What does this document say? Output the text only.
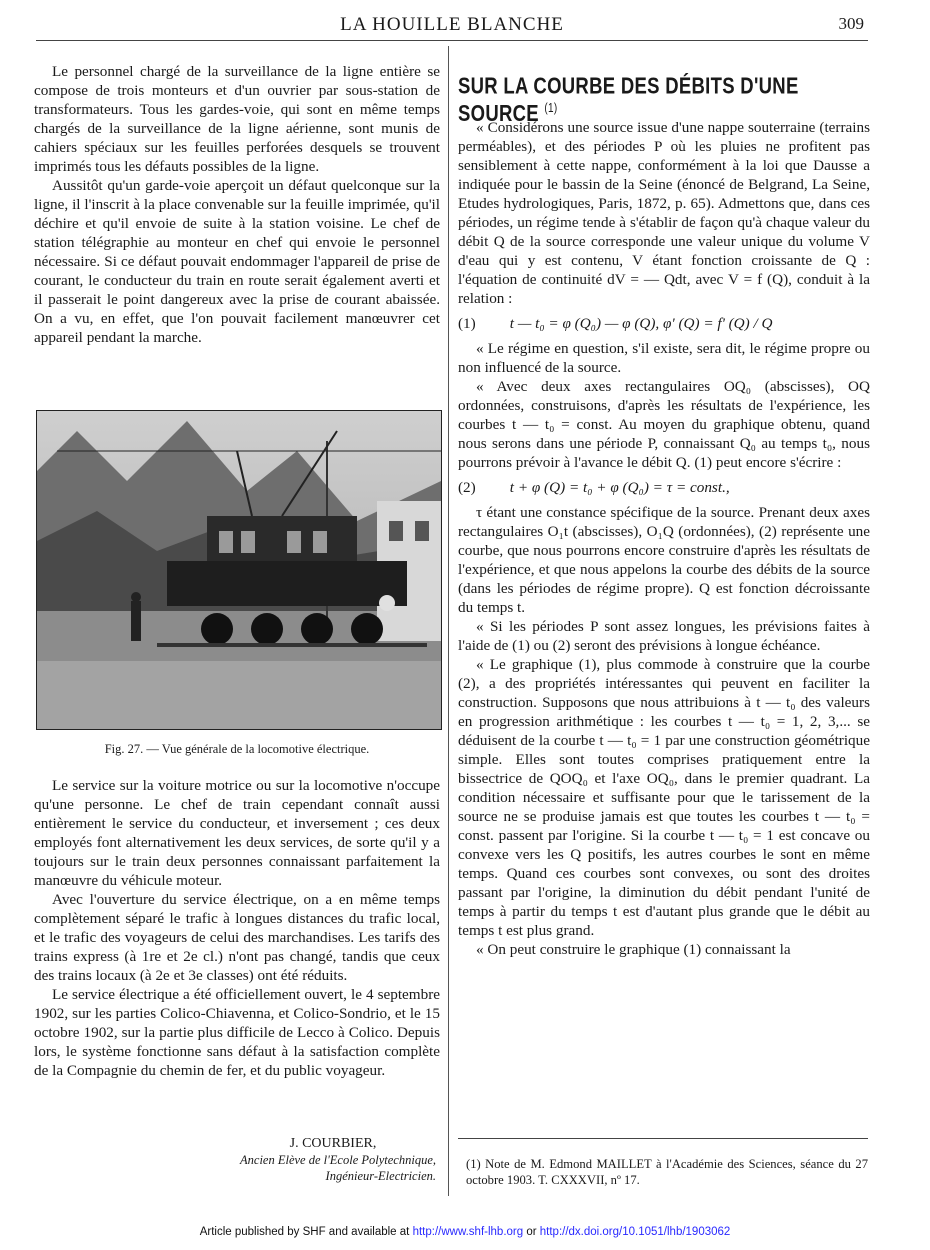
LA HOUILLE BLANCHE	309

Le personnel chargé de la surveillance de la ligne entière se compose de trois monteurs et d'un ouvrier par sous-station de transformateurs. Tous les gardes-voie, qui sont en même temps chargés de la surveillance de la ligne aérienne, sont munis de cahiers spéciaux sur les feuilles perforées desquels se trouvent imprimés tous les défauts possibles de la ligne.

Aussitôt qu'un garde-voie aperçoit un défaut quelconque sur la ligne, il l'inscrit à la place convenable sur la feuille imprimée, qu'il déchire et qu'il envoie de suite à la station voisine. Le chef de station télégraphie au monteur en chef qui envoie le personnel nécessaire. Si ce défaut pouvait endommager l'appareil de prise de courant, le conducteur du train en route serait également averti et il passerait le point dangereux avec la prise de courant abaissée. On a vu, en effet, que l'on pouvait facilement manœuvrer cet appareil pendant la marche.

Fig. 27. — Vue générale de la locomotive électrique.

Le service sur la voiture motrice ou sur la locomotive n'occupe qu'une personne. Le chef de train cependant connaît aussi entièrement le service du conducteur, et inversement ; ces deux employés font alternativement les deux services, de sorte qu'il y a toujours sur le train deux personnes connaissant parfaitement la manœuvre du véhicule moteur.

Avec l'ouverture du service électrique, on a en même temps complètement séparé le trafic à longues distances du trafic local, et le trafic des voyageurs de celui des marchandises. Les tarifs des trains express (à 1re et 2e cl.) n'ont pas changé, tandis que ceux des trains locaux (à 2e et 3e classes) ont été réduits.

Le service électrique a été officiellement ouvert, le 4 septembre 1902, sur les parties Colico-Chiavenna, et Colico-Sondrio, et le 15 octobre 1902, sur la partie plus difficile de Lecco à Colico. Depuis lors, le système fonctionne sans défaut à la satisfaction complète de la Compagnie du chemin de fer, et du public voyageur.

J. COURBIER,
Ancien Elève de l'Ecole Polytechnique,
Ingénieur-Electricien.
SUR LA COURBE DES DÉBITS D'UNE SOURCE $^{(1)}$

« Considérons une source issue d'une nappe souterraine (terrains perméables), et des périodes P où les pluies ne profitent pas sensiblement à cette nappe, conformément à la loi que Dausse a indiquée pour le bassin de la Seine (énoncé de Belgrand, La Seine, Etudes hydrologiques, Paris, 1872, p. 65). Admettons que, dans ces périodes, un régime tende à s'établir de façon qu'à chaque valeur du débit Q de la source corresponde une valeur unique du volume V d'eau qui y est contenu, V étant fonction croissante de Q : l'équation de continuité dV = — Qdt, avec V = f (Q), conduit à la relation :

(1) t — t₀ = φ (Q₀) — φ (Q), φ' (Q) = f' (Q) / Q

« Le régime en question, s'il existe, sera dit, le régime propre ou non influencé de la source.

« Avec deux axes rectangulaires OQ₀ (abscisses), OQ ordonnées, construisons, d'après les résultats de l'expérience, les courbes t — t₀ = const. Au moyen du graphique obtenu, quand nous serons dans une période P, connaissant Q₀ au temps t₀, nous pourrons prévoir à l'avance le débit Q. (1) peut encore s'écrire :

(2) t + φ (Q) = t₀ + φ (Q₀) = τ = const.,

τ étant une constance spécifique de la source. Prenant deux axes rectangulaires O₁t (abscisses), O₁Q (ordonnées), (2) représente une courbe, que nous pourrons encore construire d'après les résultats de l'expérience, et que nous appelons la courbe des débits de la source (dans les périodes de régime propre). Q est fonction décroissante du temps t.

« Si les périodes P sont assez longues, les prévisions faites à l'aide de (1) ou (2) seront des prévisions à longue échéance.

« Le graphique (1), plus commode à construire que la courbe (2), a des propriétés intéressantes qui peuvent en faciliter la construction. Supposons que nous attribuions à t — t₀ des valeurs en progression arithmétique : les courbes t — t₀ = 1, 2, 3,... se déduisent de la courbe t — t₀ = 1 par une construction géométrique simple. Elles sont toutes comprises pratiquement entre la bissectrice de QOQ₀ et l'axe OQ₀, dans le premier quadrant. La condition nécessaire et suffisante pour que le tarissement de la source ne se produise jamais est que toutes les courbes t — t₀ = const. passent par l'origine. Si la courbe t — t₀ = 1 est concave ou convexe vers les Q positifs, les autres courbes le sont en même temps. Quand ces courbes sont convexes, ou sont des droites passant par l'origine, la diminution du débit pendant l'unité de temps à partir du temps t est d'autant plus grande que le débit au temps t est plus grand.

« On peut construire le graphique (1) connaissant la

(1) Note de M. Edmond MAILLET à l'Académie des Sciences, séance du 27 octobre 1903. T. CXXXVII, nº 17.
Article published by SHF and available at http://www.shf-lhb.org or http://dx.doi.org/10.1051/lhb/1903062
